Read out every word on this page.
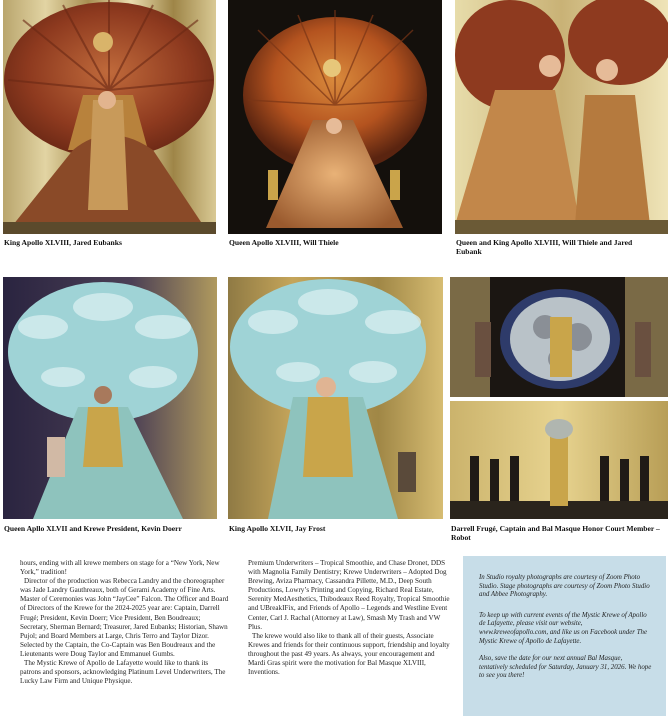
King Apollo XLVIII, Jared Eubanks	Queen Apollo XLVIII, Will Thiele	Queen and King Apollo XLVIII, Will Thiele and Jared Eubank
Queen Apllo XLVII and Krewe President, Kevin Doerr	King Apollo XLVII, Jay Frost	Darrell Frugé, Captain and Bal Masque Honor Court Member – Robot

hours, ending with all krewe members on stage for a “New York, New York,” tradition!

Director of the production was Rebecca Landry and the choreographer was Jade Landry Gauthreaux, both of Gerami Academy of Fine Arts. Master of Ceremonies was John “JayCee” Falcon. The Officer and Board of Directors of the Krewe for the 2024-2025 year are: Captain, Darrell Frugé; President, Kevin Doerr; Vice President, Ben Boudreaux; Secretary, Sherman Bernard; Treasurer, Jared Eubanks; Historian, Shawn Pujol; and Board Members at Large, Chris Terro and Taylor Dizor. Selected by the Captain, the Co-Captain was Ben Boudreaux and the Lieutenants were Doug Taylor and Emmanuel Gumbs.

The Mystic Krewe of Apollo de Lafayette would like to thank its patrons and sponsors, acknowledging Platinum Level Underwriters, The Lucky Law Firm and Unique Physique.

Premium Underwriters – Tropical Smoothie, and Chase Dronet, DDS with Magnolia Family Dentistry; Krewe Underwriters – Adopted Dog Brewing, Aviza Pharmacy, Cassandra Pillette, M.D., Deep South Productions, Lowry’s Printing and Copying, Richard Real Estate, Serenity MedAesthetics, Thibodeaux Reed Royalty, Tropical Smoothie and UBreakIFix, and Friends of Apollo – Legends and Westline Event Center, Carl J. Rachal (Attorney at Law), Smash My Trash and VW Plus.

The krewe would also like to thank all of their guests, Associate Krewes and friends for their continuous support, friendship and loyalty throughout the past 49 years. As always, your encouragement and Mardi Gras spirit were the motivation for Bal Masque XLVIII, Inventions.

In Studio royalty photographs are courtesy of Zoom Photo Studio. Stage photographs are courtesy of Zoom Photo Studio and Abbee Photography.

To keep up with current events of the Mystic Krewe of Apollo de Lafayette, please visit our website, www.kreweofapollo.com, and like us on Facebook under The Mystic Krewe of Apollo de Lafayette.

Also, save the date for our next annual Bal Masque, tentatively scheduled for Saturday, January 31, 2026. We hope to see you there!
